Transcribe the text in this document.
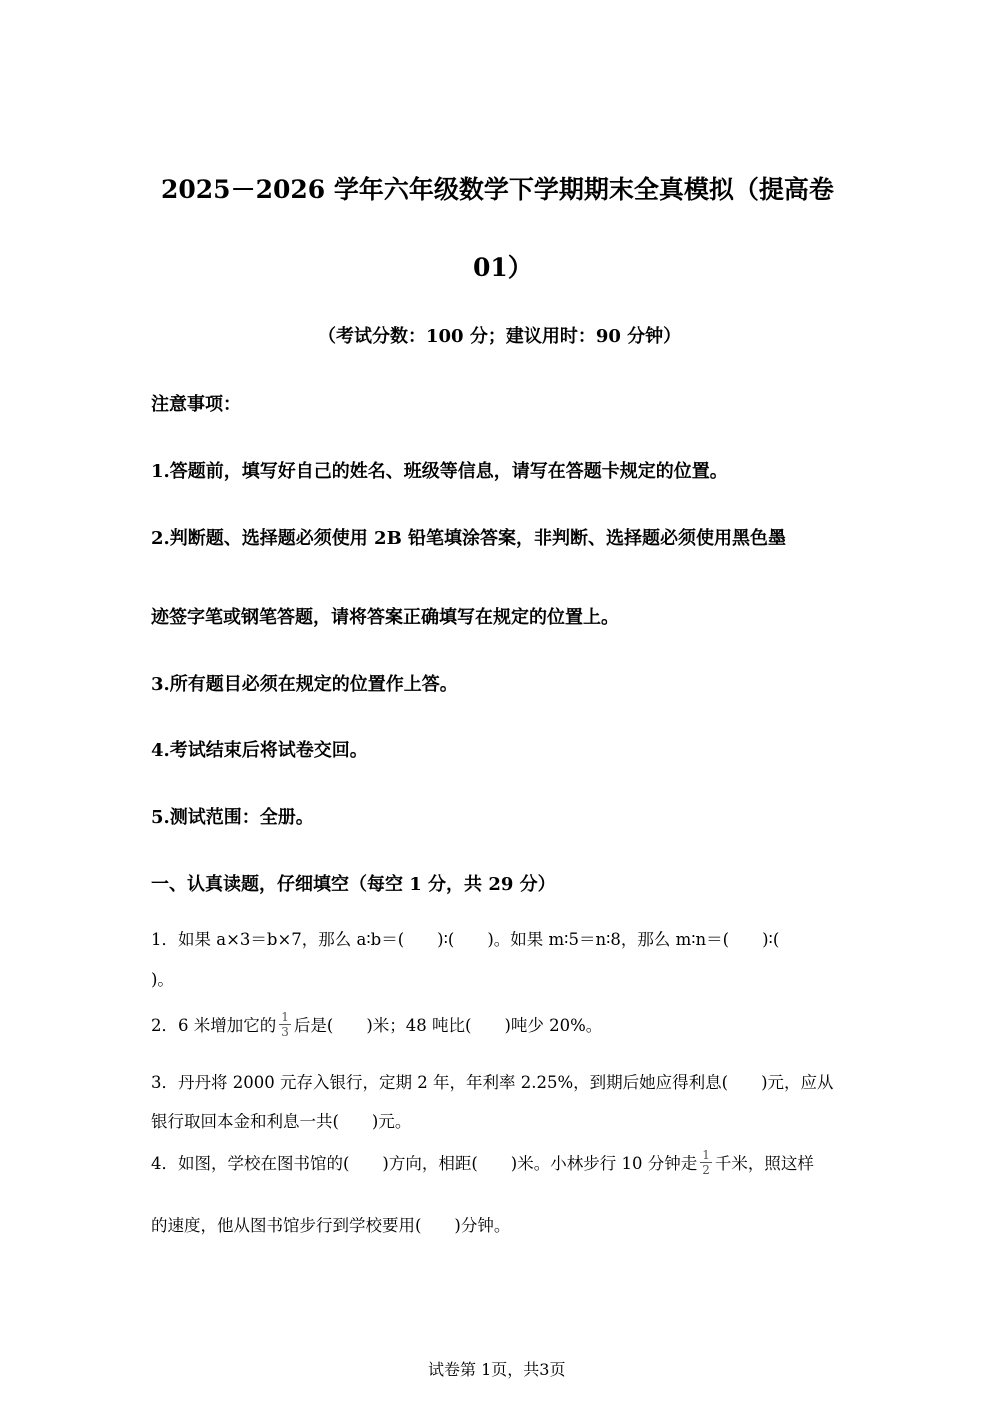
2025－2026 学年六年级数学下学期期末全真模拟（提高卷
01）
（考试分数：100 分；建议用时：90 分钟）
注意事项：
1.答题前，填写好自己的姓名、班级等信息，请写在答题卡规定的位置。
2.判断题、选择题必须使用 2B 铅笔填涂答案，非判断、选择题必须使用黑色墨
迹签字笔或钢笔答题，请将答案正确填写在规定的位置上。
3.所有题目必须在规定的位置作上答。
4.考试结束后将试卷交回。
5.测试范围：全册。
一、认真读题，仔细填空（每空 1 分，共 29 分）
1．如果 a×3＝b×7，那么 a∶b＝(　　)∶(　　)。如果 m∶5＝n∶8，那么 m∶n＝(　　)∶(
)。
2．6 米增加它的 $\frac{1}{3}$ 后是(　　)米；48 吨比(　　)吨少 20%。
3．丹丹将 2000 元存入银行，定期 2 年，年利率 2.25%，到期后她应得利息(　　)元，应从
银行取回本金和利息一共(　　)元。
4．如图，学校在图书馆的(　　)方向，相距(　　)米。小林步行 10 分钟走 $\frac{1}{2}$ 千米，照这样
的速度，他从图书馆步行到学校要用(　　)分钟。
试卷第 1页，共3页
